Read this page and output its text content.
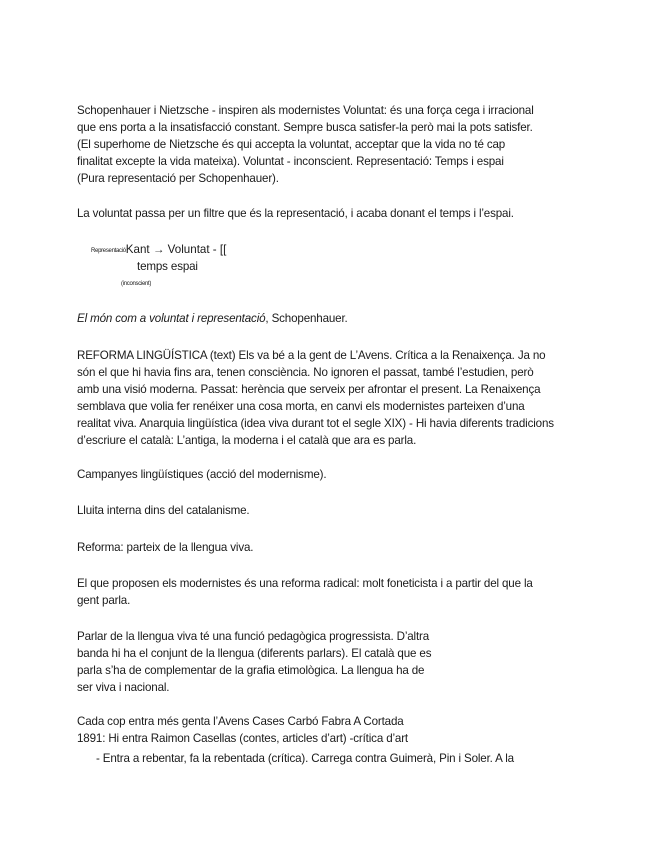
Schopenhauer i Nietzsche - inspiren als modernistes Voluntat: és una força cega i irracional
que ens porta a la insatisfacció constant. Sempre busca satisfer-la però mai la pots satisfer.
(El superhome de Nietzsche és qui accepta la voluntat, acceptar que la vida no té cap
finalitat excepte la vida mateixa). Voluntat - inconscient. Representació: Temps i espai
(Pura representació per Schopenhauer).
La voluntat passa per un filtre que és la representació, i acaba donant el temps i l’espai.
RepresentacióKant → Voluntat - [[
temps espai
(inconscient)
El món com a voluntat i representació, Schopenhauer.
REFORMA LINGÜÍSTICA (text) Els va bé a la gent de L’Avens. Crítica a la Renaixença. Ja no
són el que hi havia fins ara, tenen consciència. No ignoren el passat, també l’estudien, però
amb una visió moderna. Passat: herència que serveix per afrontar el present. La Renaixença
semblava que volia fer renéixer una cosa morta, en canvi els modernistes parteixen d’una
realitat viva. Anarquia lingüística (idea viva durant tot el segle XIX) - Hi havia diferents tradicions
d’escriure el català: L’antiga, la moderna i el català que ara es parla.
Campanyes lingüístiques (acció del modernisme).
Lluita interna dins del catalanisme.
Reforma: parteix de la llengua viva.
El que proposen els modernistes és una reforma radical: molt foneticista i a partir del que la
gent parla.
Parlar de la llengua viva té una funció pedagògica progressista. D’altra
banda hi ha el conjunt de la llengua (diferents parlars). El català que es
parla s’ha de complementar de la grafia etimològica. La llengua ha de
ser viva i nacional.
Cada cop entra més genta l’Avens Cases Carbó Fabra A Cortada
1891: Hi entra Raimon Casellas (contes, articles d’art) -crítica d’art
- Entra a rebentar, fa la rebentada (crítica). Carrega contra Guimerà, Pin i Soler. A la
